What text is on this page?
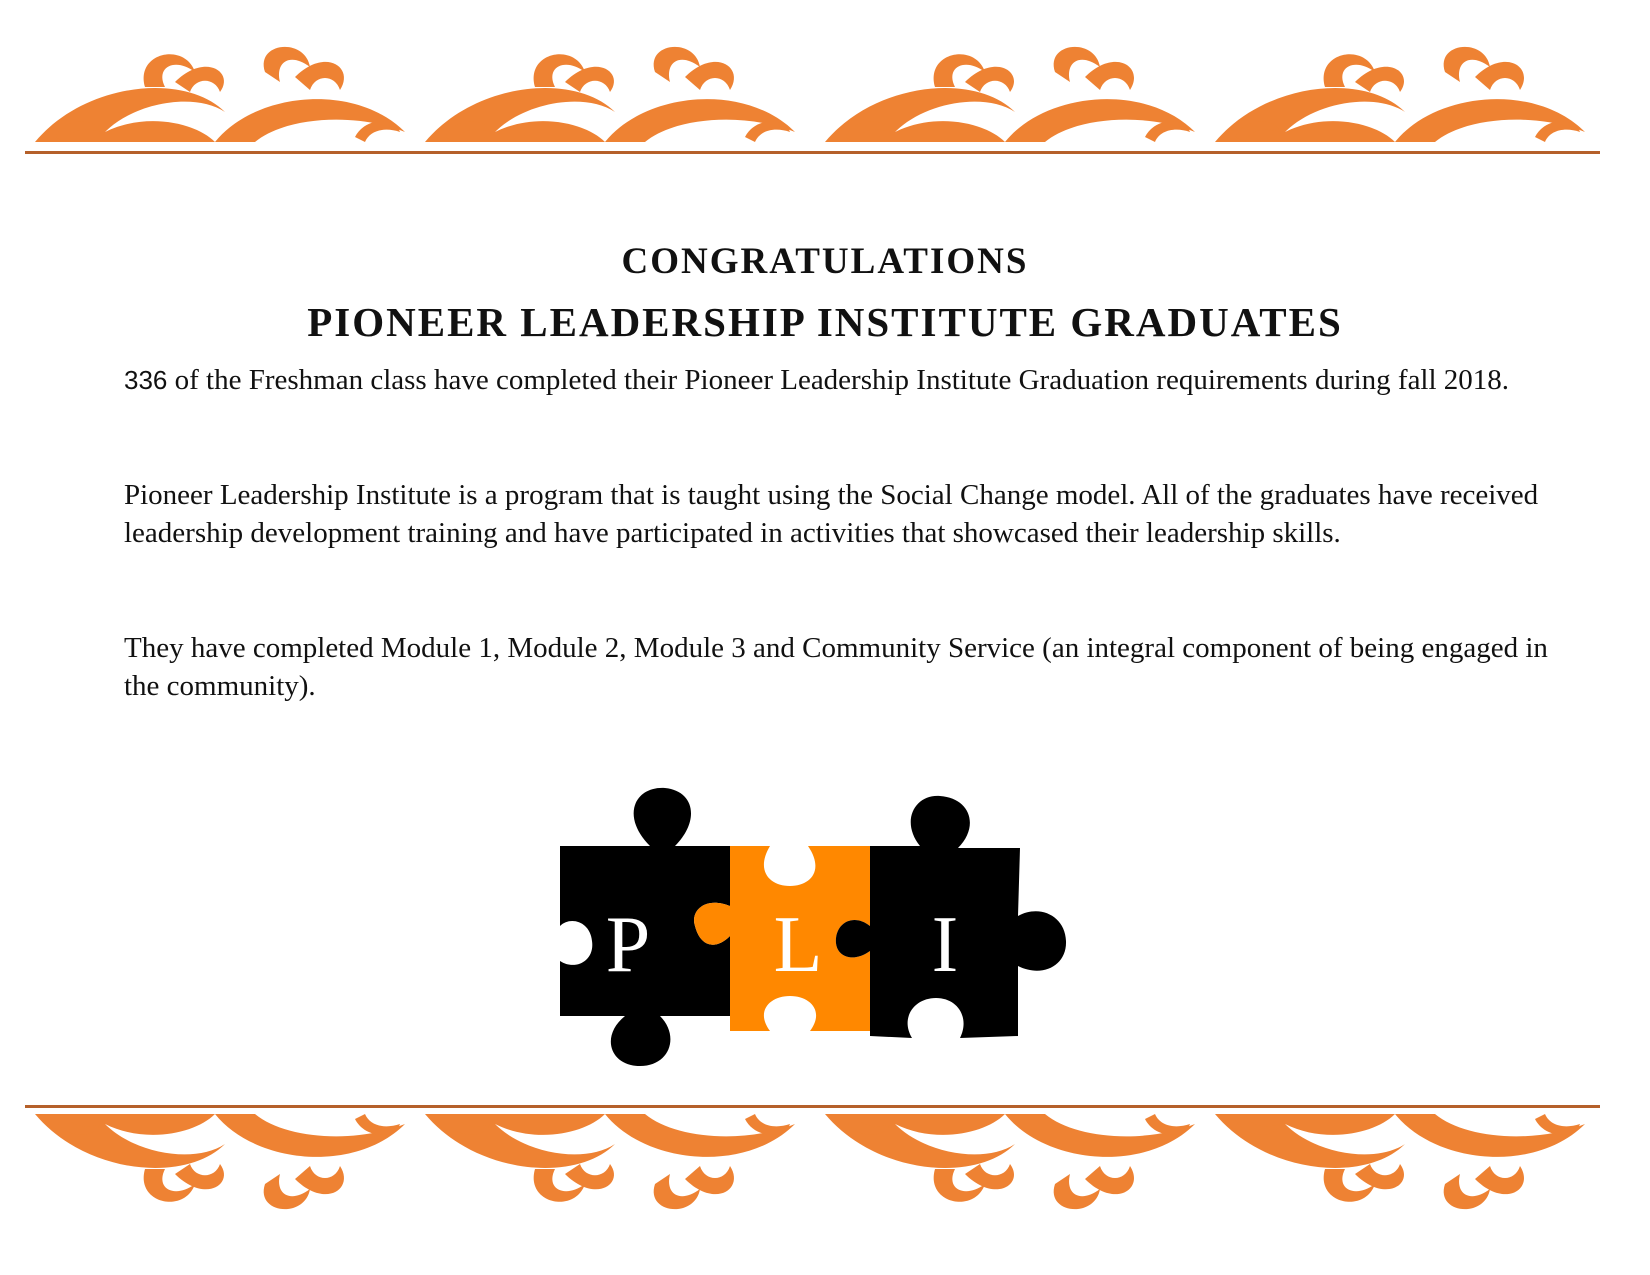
CONGRATULATIONS
PIONEER LEADERSHIP INSTITUTE GRADUATES

336 of the Freshman class have completed their Pioneer Leadership Institute Graduation requirements during fall 2018.

Pioneer Leadership Institute is a program that is taught using the Social Change model. All of the graduates have received leadership development training and have participated in activities that showcased their leadership skills.

They have completed Module 1, Module 2, Module 3 and Community Service (an integral component of being engaged in the community).

P L I
